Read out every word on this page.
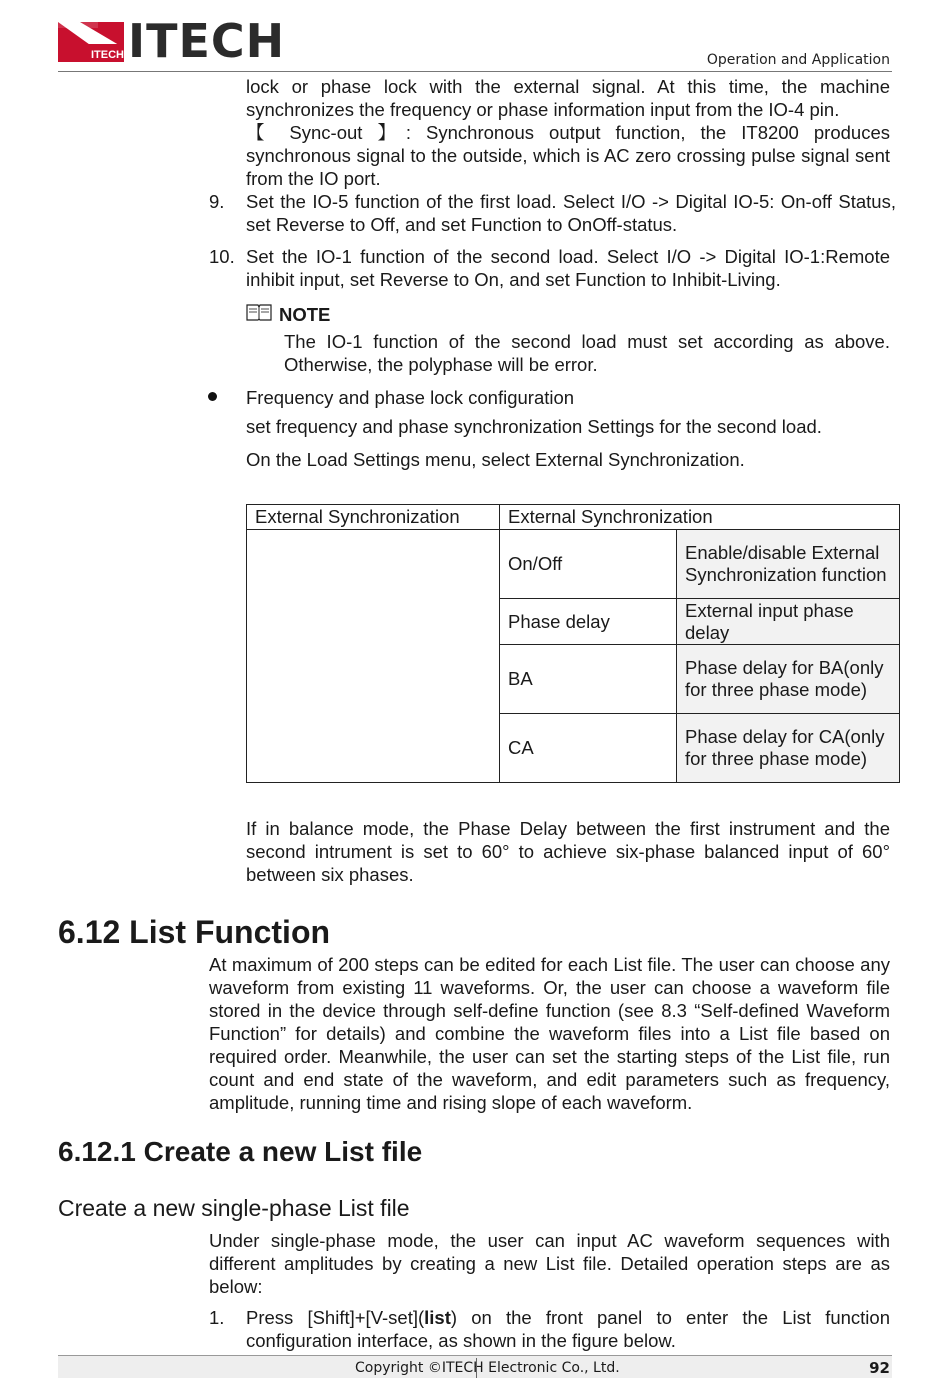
ITECH ITECH	Operation and Application

lock or phase lock with the external signal. At this time, the machine synchronizes the frequency or phase information input from the IO-4 pin.

【 Sync-out 】: Synchronous output function, the IT8200 produces synchronous signal to the outside, which is AC zero crossing pulse signal sent from the IO port.

9. Set the IO-5 function of the first load. Select I/O -> Digital IO-5: On-off Status, set Reverse to Off, and set Function to OnOff-status.

10. Set the IO-1 function of the second load. Select I/O -> Digital IO-1:Remote inhibit input, set Reverse to On, and set Function to Inhibit-Living.

NOTE

The IO-1 function of the second load must set according as above. Otherwise, the polyphase will be error.

Frequency and phase lock configuration

set frequency and phase synchronization Settings for the second load.

On the Load Settings menu, select External Synchronization.

External Synchronization	External Synchronization	
	On/Off	Enable/disable External Synchronization function
	Phase delay	External input phase delay
	BA	Phase delay for BA(only for three phase mode)
	CA	Phase delay for CA(only for three phase mode)

If in balance mode, the Phase Delay between the first instrument and the second intrument is set to 60° to achieve six-phase balanced input of 60° between six phases.

6.12 List Function

At maximum of 200 steps can be edited for each List file. The user can choose any waveform from existing 11 waveforms. Or, the user can choose a waveform file stored in the device through self-define function (see 8.3 “Self-defined Waveform Function” for details) and combine the waveform files into a List file based on required order. Meanwhile, the user can set the starting steps of the List file, run count and end state of the waveform, and edit parameters such as frequency, amplitude, running time and rising slope of each waveform.

6.12.1 Create a new List file
Create a new single-phase List file

Under single-phase mode, the user can input AC waveform sequences with different amplitudes by creating a new List file. Detailed operation steps are as below:

1. Press [Shift]+[V-set](list) on the front panel to enter the List function configuration interface, as shown in the figure below.

Copyright ©ITECH Electronic Co., Ltd.	92
